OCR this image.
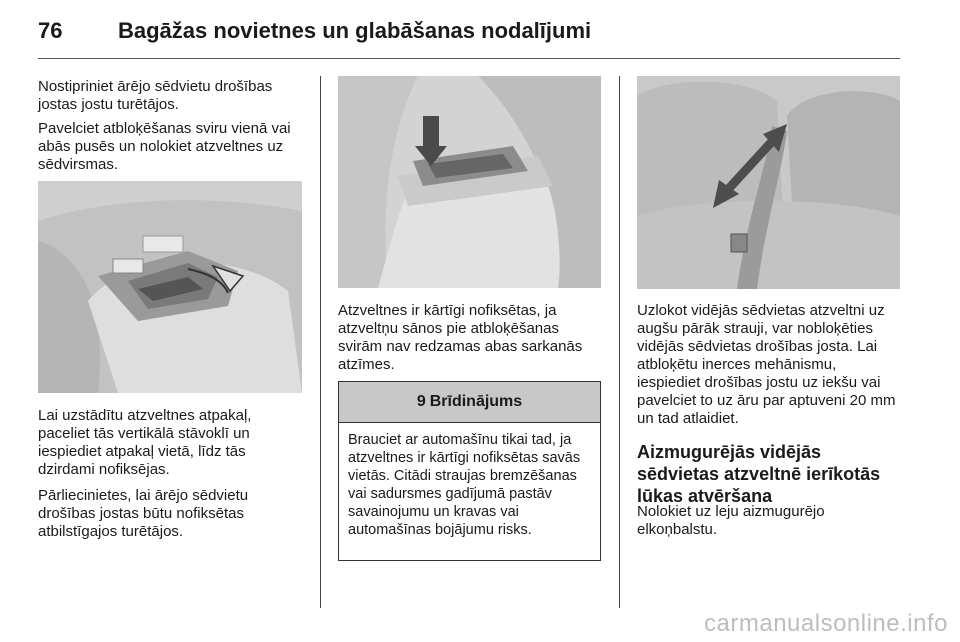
76	Bagāžas novietnes un glabāšanas nodalījumi

Nostipriniet ārējo sēdvietu drošības jostas jostu turētājos.

Pavelciet atbloķēšanas sviru vienā vai abās pusēs un nolokiet atzveltnes uz sēdvirsmas.

Lai uzstādītu atzveltnes atpakaļ, paceliet tās vertikālā stāvoklī un iespiediet atpakaļ vietā, līdz tās dzirdami nofiksējas.

Pārliecinietes, lai ārējo sēdvietu drošības jostas būtu nofiksētas atbilstīgajos turētājos.

Atzveltnes ir kārtīgi nofiksētas, ja atzveltņu sānos pie atbloķēšanas svirām nav redzamas abas sarkanās atzīmes.

9 Brīdinājums
Brauciet ar automašīnu tikai tad, ja atzveltnes ir kārtīgi nofiksētas savās vietās. Citādi straujas bremzēšanas vai sadursmes gadījumā pastāv savainojumu un kravas vai automašīnas bojājumu risks.

Uzlokot vidējās sēdvietas atzveltni uz augšu pārāk strauji, var nobloķēties vidējās sēdvietas drošības josta. Lai atbloķētu inerces mehānismu, iespiediet drošības jostu uz iekšu vai pavelciet to uz āru par aptuveni 20 mm un tad atlaidiet.

Aizmugurējās vidējās sēdvietas atzveltnē ierīkotās lūkas atvēršana

Nolokiet uz leju aizmugurējo elkoņbalstu.

carmanualsonline.info
